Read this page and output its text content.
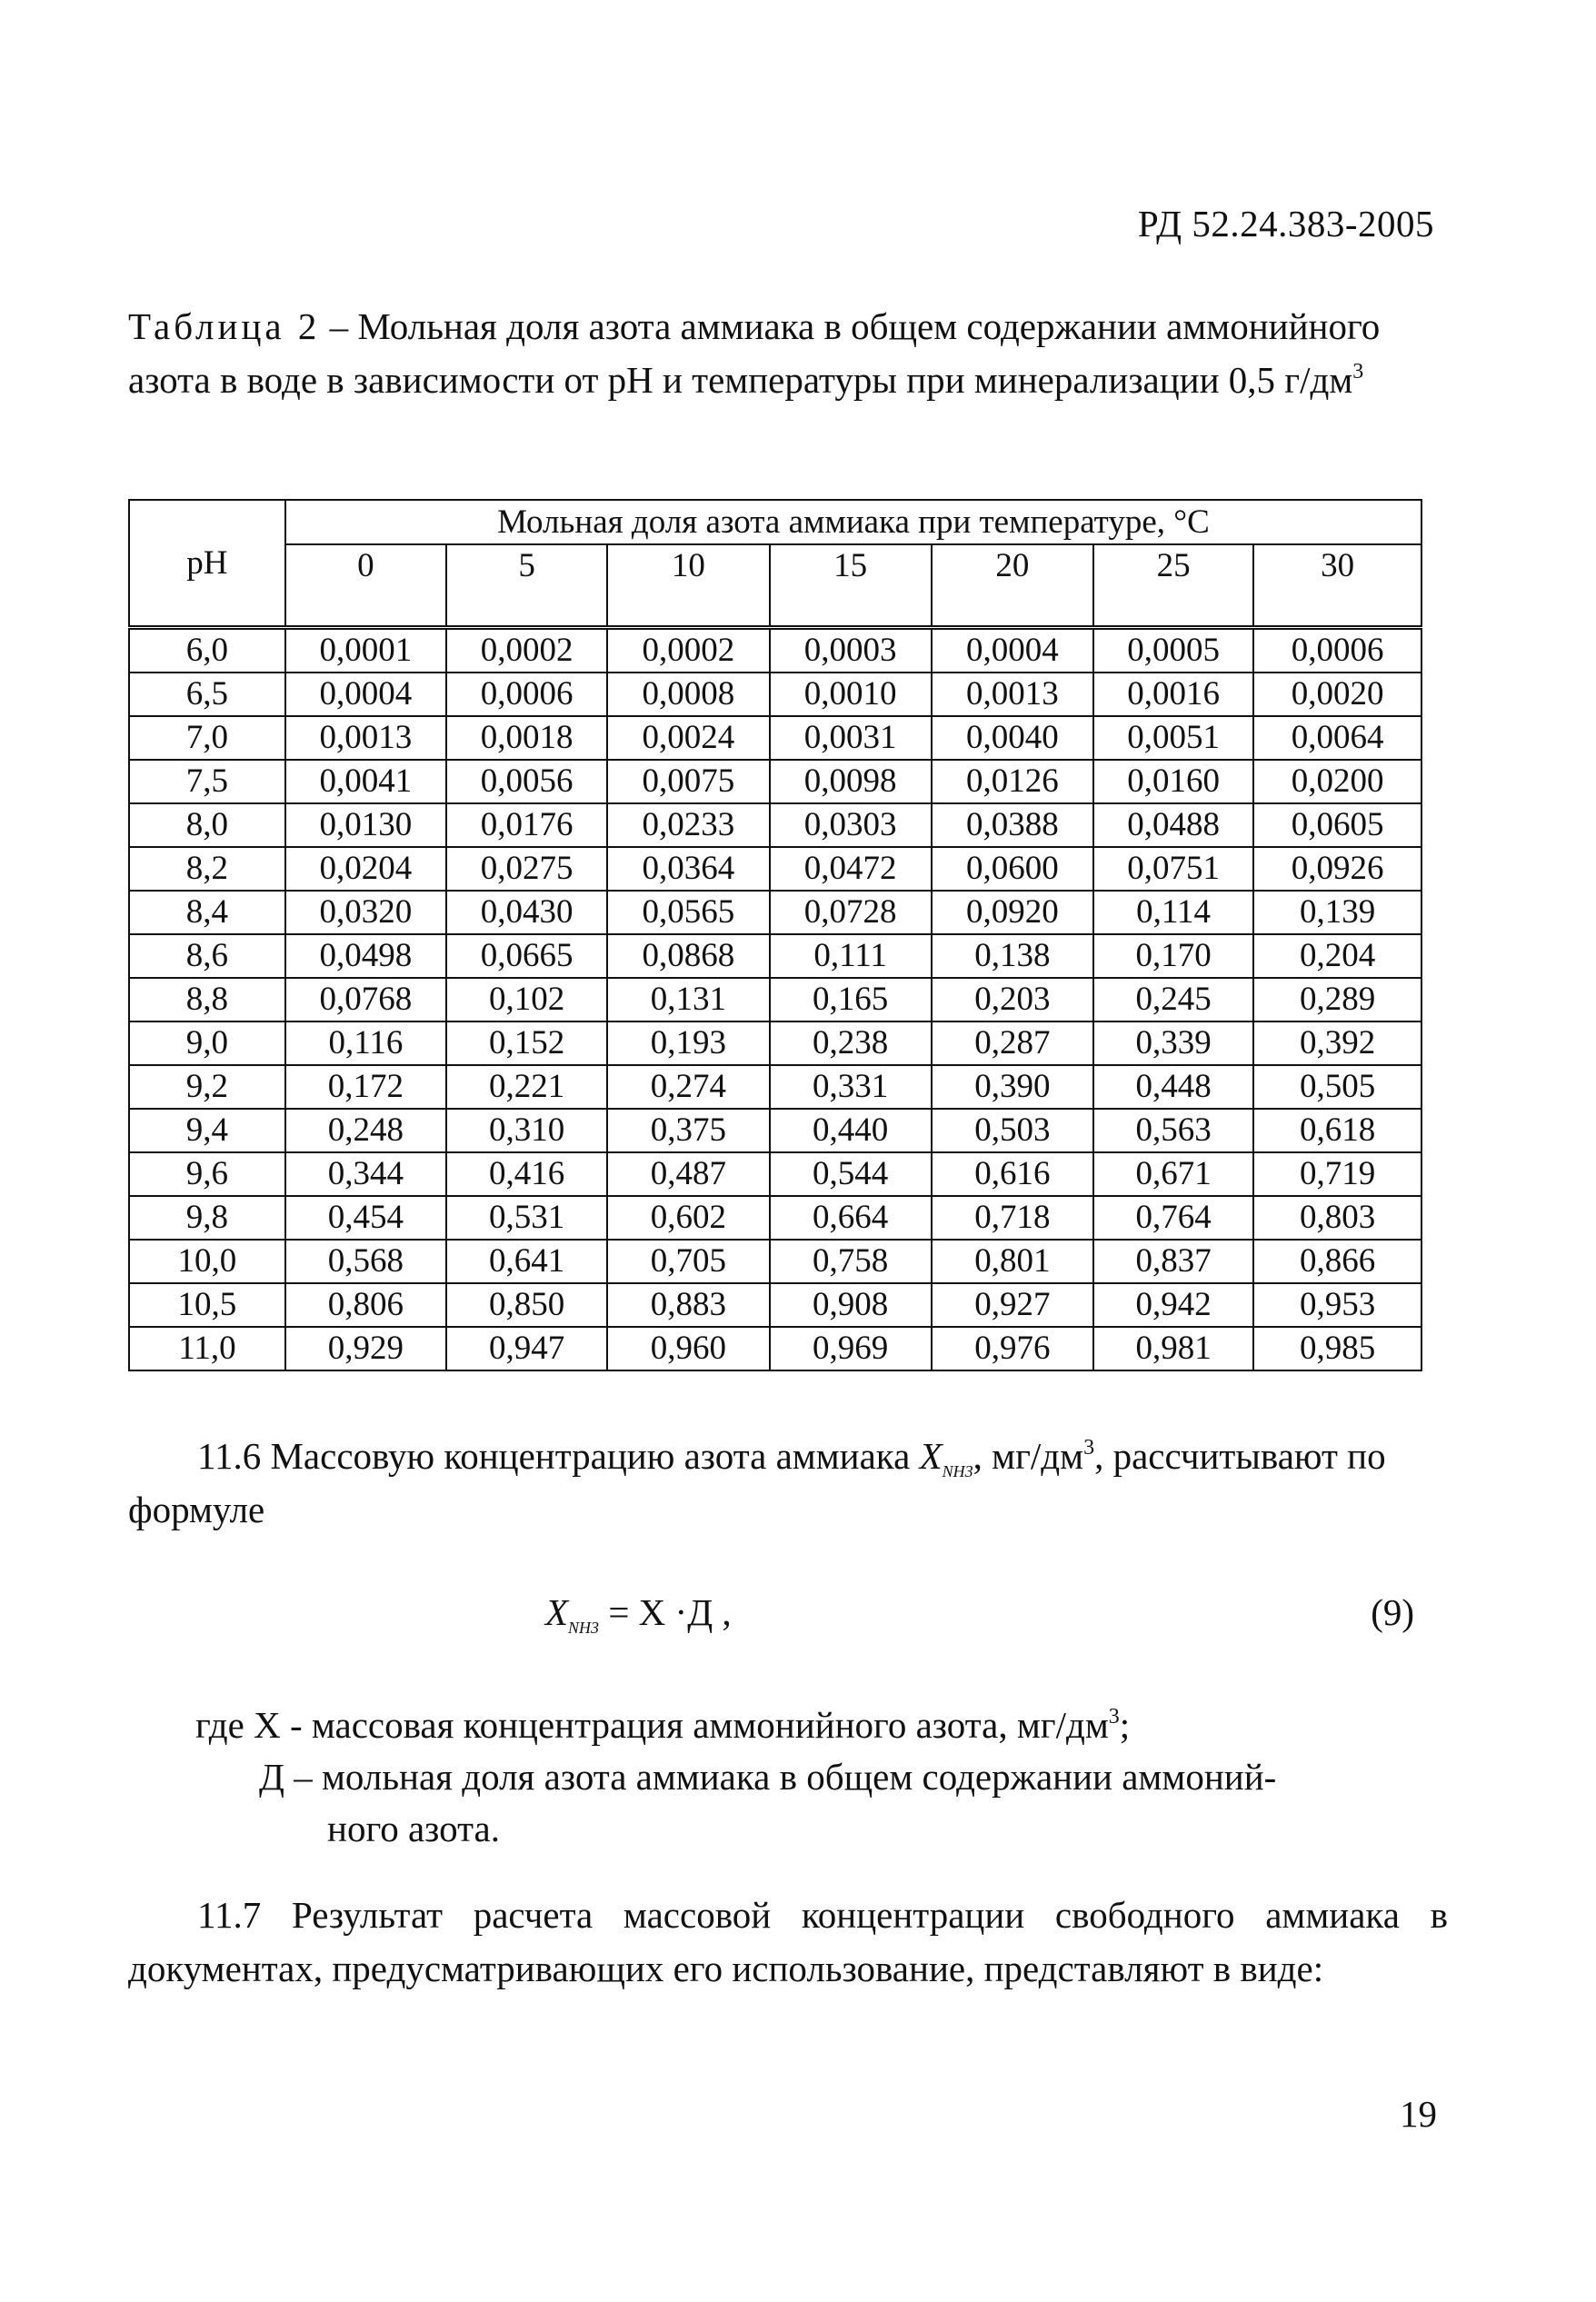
РД 52.24.383-2005
Таблица 2 – Мольная доля азота аммиака в общем содержании аммонийного азота в воде в зависимости от pH и температуры при минерализации 0,5 $г/дм^3$
pH	Мольная доля азота аммиака при температуре, °С						
	0	5	10	15	20	25	30
6,0	0,0001	0,0002	0,0002	0,0003	0,0004	0,0005	0,0006
6,5	0,0004	0,0006	0,0008	0,0010	0,0013	0,0016	0,0020
7,0	0,0013	0,0018	0,0024	0,0031	0,0040	0,0051	0,0064
7,5	0,0041	0,0056	0,0075	0,0098	0,0126	0,0160	0,0200
8,0	0,0130	0,0176	0,0233	0,0303	0,0388	0,0488	0,0605
8,2	0,0204	0,0275	0,0364	0,0472	0,0600	0,0751	0,0926
8,4	0,0320	0,0430	0,0565	0,0728	0,0920	0,114	0,139
8,6	0,0498	0,0665	0,0868	0,111	0,138	0,170	0,204
8,8	0,0768	0,102	0,131	0,165	0,203	0,245	0,289
9,0	0,116	0,152	0,193	0,238	0,287	0,339	0,392
9,2	0,172	0,221	0,274	0,331	0,390	0,448	0,505
9,4	0,248	0,310	0,375	0,440	0,503	0,563	0,618
9,6	0,344	0,416	0,487	0,544	0,616	0,671	0,719
9,8	0,454	0,531	0,602	0,664	0,718	0,764	0,803
10,0	0,568	0,641	0,705	0,758	0,801	0,837	0,866
10,5	0,806	0,850	0,883	0,908	0,927	0,942	0,953
11,0	0,929	0,947	0,960	0,969	0,976	0,981	0,985
11.6 Массовую концентрацию азота аммиака $X_{NH3}$, $мг/дм^3$, рассчитывают по формуле
$X_{NH3} = Х \cdot Д$ ,	(9)
где Х - массовая концентрация аммонийного азота, $мг/дм^3$;
Д – мольная доля азота аммиака в общем содержании аммоний-
ного азота.
11.7 Результат расчета массовой концентрации свободного аммиака в документах, предусматривающих его использование, представляют в виде:
19
